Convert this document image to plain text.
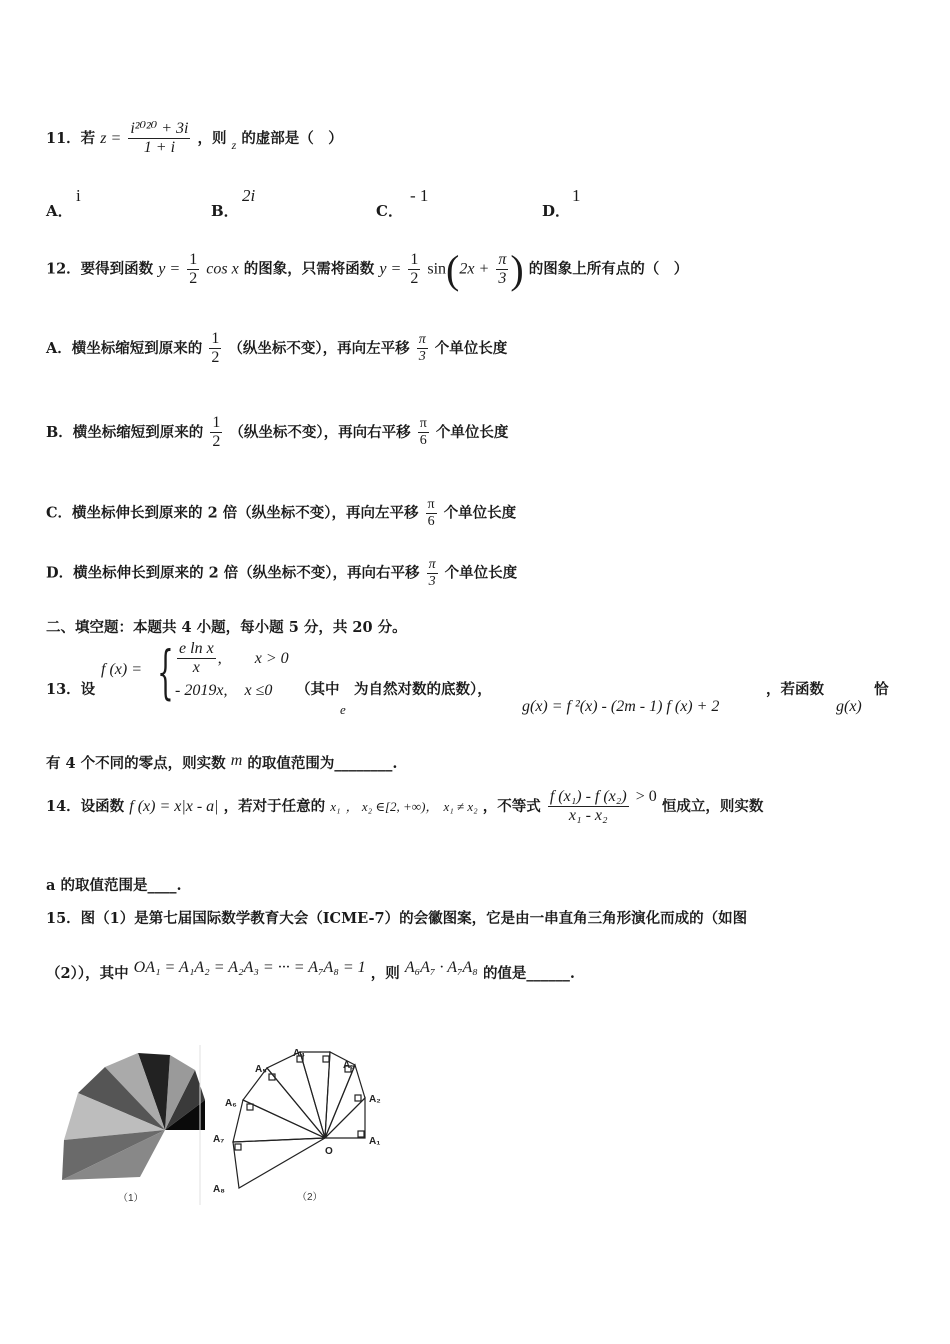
11．若 $z = \frac{\text{i²⁰²⁰ + 3i}}{1 + i}$ ，则 $_z$ 的虚部是（　）
A．
i
B．
2i
C．
- 1
D．
1
12．要得到函数 $y = \frac{1}{2}$ cos x 的图象，只需将函数 $y = \frac{1}{2} \sin(2x + \frac{\pi}{3}$ ) 的图象上所有点的（　）
A．横坐标缩短到原来的 $\frac{1}{2}$ （纵坐标不变），再向左平移 $\frac{\pi}{3}$ 个单位长度
B．横坐标缩短到原来的 $\frac{1}{2}$ （纵坐标不变），再向右平移 $\frac{\pi}{6}$ 个单位长度
C．横坐标伸长到原来的 2 倍（纵坐标不变），再向左平移 $\frac{\pi}{6}$ 个单位长度
D．横坐标伸长到原来的 2 倍（纵坐标不变），再向右平移 $\frac{\pi}{3}$ 个单位长度
二、填空题：本题共 4 小题，每小题 5 分，共 20 分。
13．设
f (x) = { $\frac{\text{e ln x}}{x}$ , x > 0
- 2019x, x ≤0	（其中　为自然对数的底数），
e	g(x) = f ²(x) - (2m - 1) f (x) + 2
，若函数
g(x)
恰
有 4 个不同的零点，则实数 m 的取值范围为________.
14．设函数 f (x) = x|x - a| ，若对于任意的 x₁ ， x₂ ∈[2, +∞)， x₁ ≠ x₂ ，不等式 $\frac{\text{f (x₁) - f (x₂)}}{\text{x₁ - x₂}} > 0$ 恒成立，则实数
a 的取值范围是____.
15．图（1）是第七届国际数学教育大会（ICME-7）的会徽图案，它是由一串直角三角形演化而成的（如图
（2）），其中 OA₁ = A₁A₂ = A₂A₃ = ··· = A₇A₈ = 1 ，则 A₆A₇ · A₇A₈ 的值是______.
（1）
A₁
A₂
A₃
A₄
A₅
A₆
A₇
A₈
O
（2）
